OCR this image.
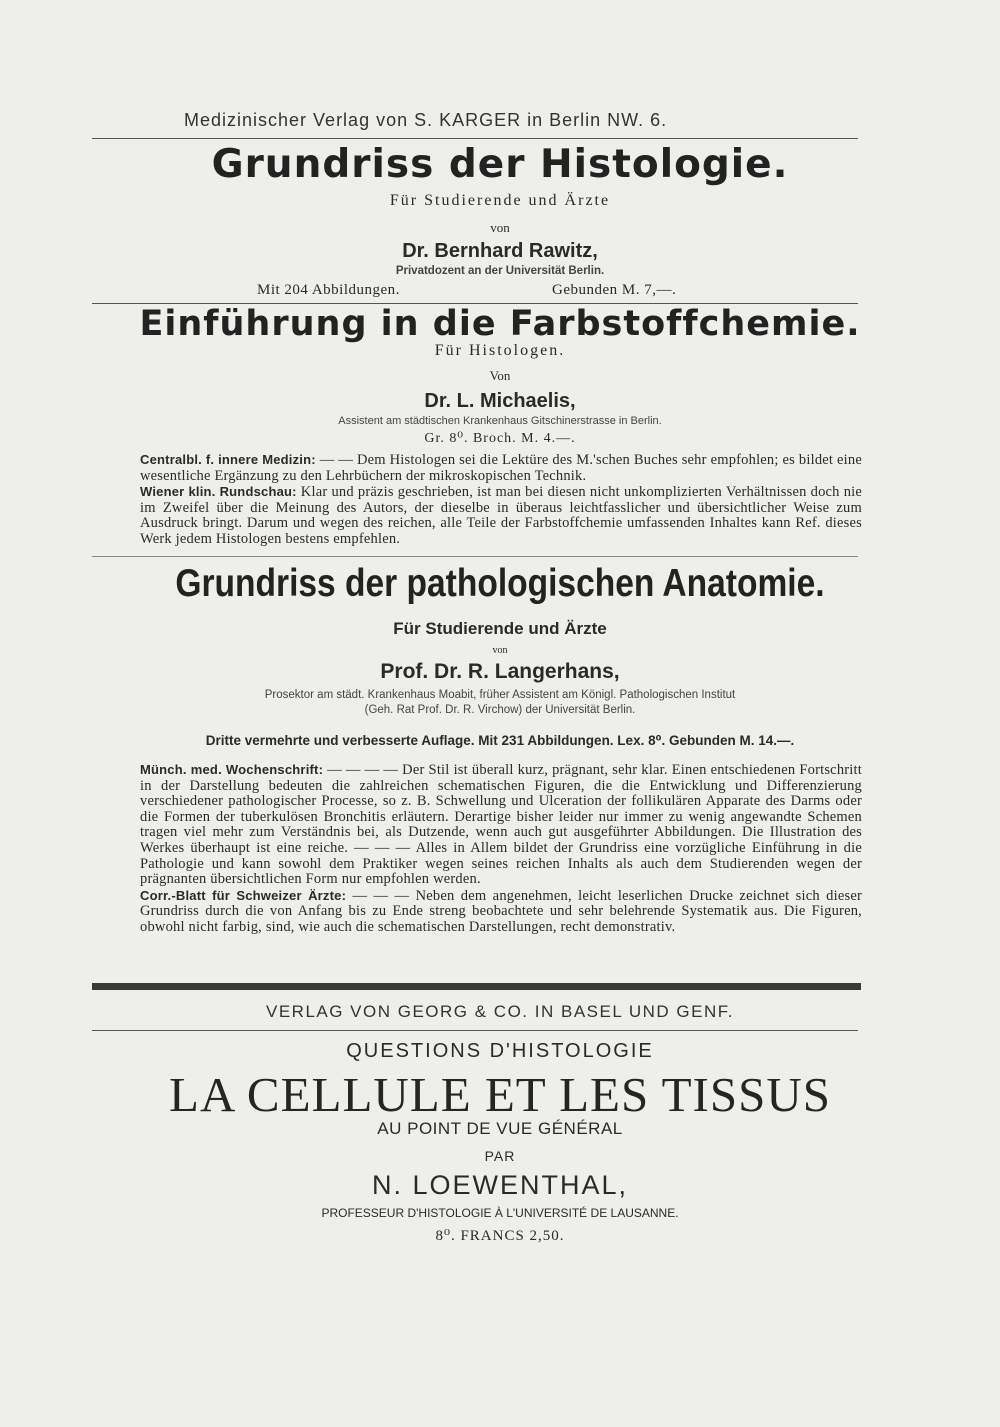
Medizinischer Verlag von S. KARGER in Berlin NW. 6.
Grundriss der Histologie.
Für Studierende und Ärzte
von
Dr. Bernhard Rawitz,
Privatdozent an der Universität Berlin.
Mit 204 Abbildungen.	Gebunden M. 7,—.
Einführung in die Farbstoffchemie.
Für Histologen.
Von
Dr. L. Michaelis,
Assistent am städtischen Krankenhaus Gitschinerstrasse in Berlin.
Gr. 8⁰. Broch. M. 4.—.
Centralbl. f. innere Medizin: — — Dem Histologen sei die Lektüre des M.'schen Buches sehr empfohlen; es bildet eine wesentliche Ergänzung zu den Lehrbüchern der mikroskopischen Technik.
Wiener klin. Rundschau: Klar und präzis geschrieben, ist man bei diesen nicht unkomplizierten Verhältnissen doch nie im Zweifel über die Meinung des Autors, der dieselbe in überaus leichtfasslicher und übersichtlicher Weise zum Ausdruck bringt. Darum und wegen des reichen, alle Teile der Farbstoffchemie umfassenden Inhaltes kann Ref. dieses Werk jedem Histologen bestens empfehlen.
Grundriss der pathologischen Anatomie.
Für Studierende und Ärzte
von
Prof. Dr. R. Langerhans,
Prosektor am städt. Krankenhaus Moabit, früher Assistent am Königl. Pathologischen Institut
(Geh. Rat Prof. Dr. R. Virchow) der Universität Berlin.
Dritte vermehrte und verbesserte Auflage. Mit 231 Abbildungen. Lex. 8⁰. Gebunden M. 14.—.
Münch. med. Wochenschrift: — — — — Der Stil ist überall kurz, prägnant, sehr klar. Einen entschiedenen Fortschritt in der Darstellung bedeuten die zahlreichen schematischen Figuren, die die Entwicklung und Differenzierung verschiedener pathologischer Processe, so z. B. Schwellung und Ulceration der follikulären Apparate des Darms oder die Formen der tuberkulösen Bronchitis erläutern. Derartige bisher leider nur immer zu wenig angewandte Schemen tragen viel mehr zum Verständnis bei, als Dutzende, wenn auch gut ausgeführter Abbildungen. Die Illustration des Werkes überhaupt ist eine reiche. — — — Alles in Allem bildet der Grundriss eine vorzügliche Einführung in die Pathologie und kann sowohl dem Praktiker wegen seines reichen Inhalts als auch dem Studierenden wegen der prägnanten übersichtlichen Form nur empfohlen werden.
Corr.-Blatt für Schweizer Ärzte: — — — Neben dem angenehmen, leicht leserlichen Drucke zeichnet sich dieser Grundriss durch die von Anfang bis zu Ende streng beobachtete und sehr belehrende Systematik aus. Die Figuren, obwohl nicht farbig, sind, wie auch die schematischen Darstellungen, recht demonstrativ.
VERLAG VON GEORG & CO. IN BASEL UND GENF.
QUESTIONS D'HISTOLOGIE
LA CELLULE ET LES TISSUS
AU POINT DE VUE GÉNÉRAL
PAR
N. LOEWENTHAL,
PROFESSEUR D'HISTOLOGIE À L'UNIVERSITÉ DE LAUSANNE.
8⁰. FRANCS 2,50.
